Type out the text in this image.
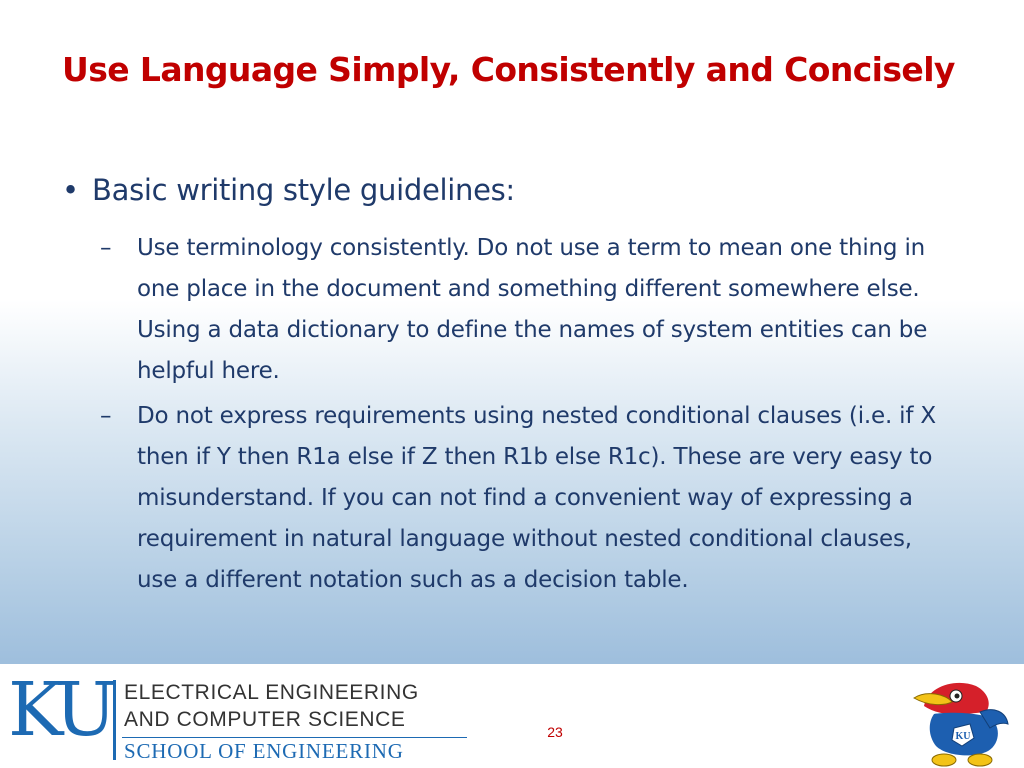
Use Language Simply, Consistently and Concisely
• Basic writing style guidelines:
– Use terminology consistently. Do not use a term to mean one thing in one place in the document and something different somewhere else. Using a data dictionary to define the names of system entities can be helpful here.
– Do not express requirements using nested conditional clauses (i.e. if X then if Y then R1a else if Z then R1b else R1c). These are very easy to misunderstand. If you can not find a convenient way of expressing a requirement in natural language without nested conditional clauses, use a different notation such as a decision table.
KU ELECTRICAL ENGINEERING
AND COMPUTER SCIENCE
SCHOOL OF ENGINEERING
23	KU
